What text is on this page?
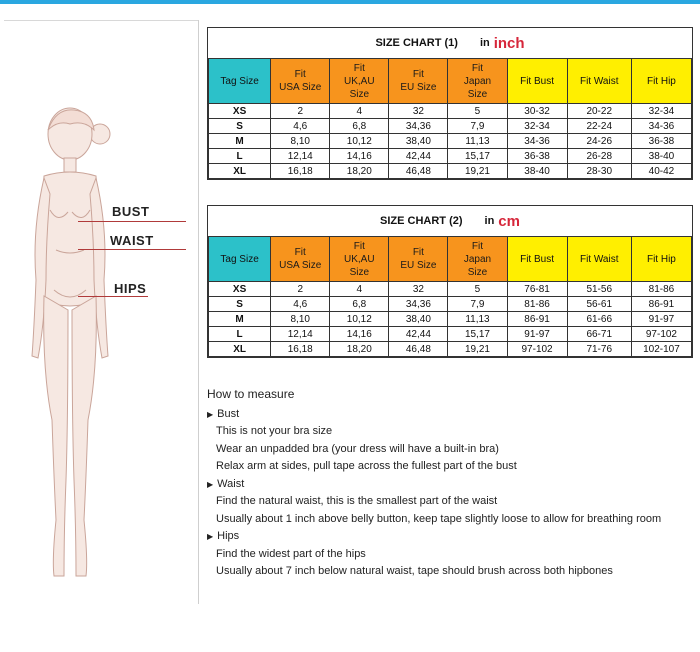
BUST
WAIST
HIPS
SIZE CHART (1) in inch
Tag Size	Fit
USA Size	Fit
UK,AU
Size	Fit
EU Size	Fit
Japan
Size	Fit Bust	Fit Waist	Fit Hip
XS	2	4	32	5	30-32	20-22	32-34
S	4,6	6,8	34,36	7,9	32-34	22-24	34-36
M	8,10	10,12	38,40	11,13	34-36	24-26	36-38
L	12,14	14,16	42,44	15,17	36-38	26-28	38-40
XL	16,18	18,20	46,48	19,21	38-40	28-30	40-42
SIZE CHART (2) in cm
Tag Size	Fit
USA Size	Fit
UK,AU
Size	Fit
EU Size	Fit
Japan
Size	Fit Bust	Fit Waist	Fit Hip
XS	2	4	32	5	76-81	51-56	81-86
S	4,6	6,8	34,36	7,9	81-86	56-61	86-91
M	8,10	10,12	38,40	11,13	86-91	61-66	91-97
L	12,14	14,16	42,44	15,17	91-97	66-71	97-102
XL	16,18	18,20	46,48	19,21	97-102	71-76	102-107
How to measure
▶ Bust
This is not your bra size
Wear an unpadded bra (your dress will have a built-in bra)
Relax arm at sides, pull tape across the fullest part of the bust
▶ Waist
Find the natural waist, this is the smallest part of the waist
Usually about 1 inch above belly button, keep tape slightly loose to allow for breathing room
▶ Hips
Find the widest part of the hips
Usually about 7 inch below natural waist, tape should brush across both hipbones
